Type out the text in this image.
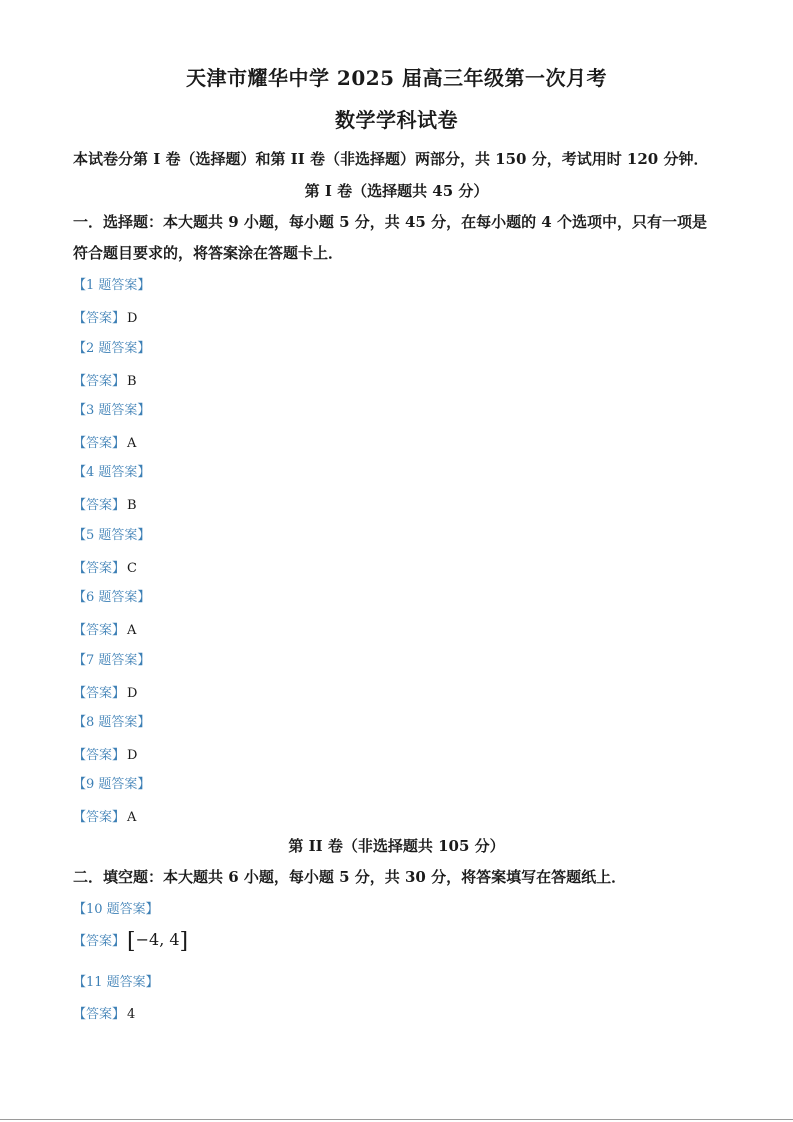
天津市耀华中学 2025 届高三年级第一次月考
数学学科试卷
本试卷分第 I 卷（选择题）和第 II 卷（非选择题）两部分，共 150 分，考试用时 120 分钟．
第 I 卷（选择题共 45 分）
一．选择题：本大题共 9 小题，每小题 5 分，共 45 分，在每小题的 4 个选项中，只有一项是
符合题目要求的，将答案涂在答题卡上．
【1 题答案】
【答案】 D
【2 题答案】
【答案】 B
【3 题答案】
【答案】 A
【4 题答案】
【答案】 B
【5 题答案】
【答案】 C
【6 题答案】
【答案】 A
【7 题答案】
【答案】 D
【8 题答案】
【答案】 D
【9 题答案】
【答案】 A
第 II 卷（非选择题共 105 分）
二．填空题：本大题共 6 小题，每小题 5 分，共 30 分，将答案填写在答题纸上．
【10 题答案】
【答案】[−4, 4]
【11 题答案】
【答案】 4
